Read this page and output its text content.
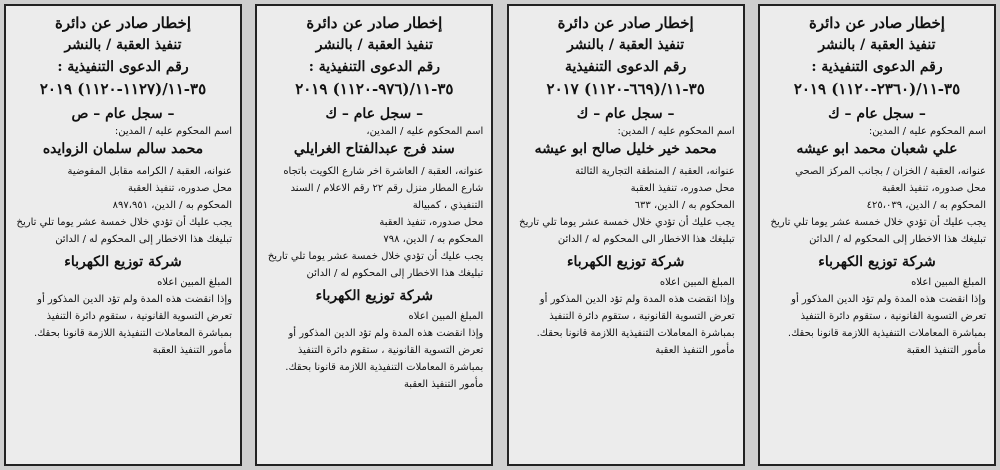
إخطار صادر عن دائرة

تنفيذ العقبة / بالنشر

رقم الدعوى التنفيذية :

٣٥-١١/(٢٣٦٠-١١٢٠) ٢٠١٩

– سجل عام – ك

اسم المحكوم عليه / المدين:

علي شعبان محمد ابو عيشه

عنوانه، العقبة / الخزان / بجانب المركز الصحي

محل صدوره، تنفيذ العقبة

المحكوم به / الدين، ٤٢٥،٠٣٩

يجب عليك أن تؤدي خلال خمسة عشر يوما تلي تاريخ تبليغك هذا الاخطار إلى المحكوم له / الدائن

شركة توزيع الكهرباء

المبلغ المبين اعلاه

وإذا انقضت هذه المدة ولم تؤد الدين المذكور أو تعرض التسوية القانونية ، ستقوم دائرة التنفيذ بمباشرة المعاملات التنفيذية اللازمة قانونا بحقك.

مأمور التنفيذ العقبة

إخطار صادر عن دائرة

تنفيذ العقبة / بالنشر

رقم الدعوى التنفيذية

٣٥-١١/(٦٦٩-١١٢٠) ٢٠١٧

– سجل عام – ك

اسم المحكوم عليه / المدين:

محمد خير خليل صالح ابو عيشه

عنوانه، العقبة / المنطقة التجارية الثالثة

محل صدوره، تنفيذ العقبة

المحكوم به / الدين، ٦٣٣

يجب عليك أن تؤدي خلال خمسة عشر يوما تلي تاريخ تبليغك هذا الاخطار الى المحكوم له / الدائن

شركة توزيع الكهرباء

المبلغ المبين اعلاه

وإذا انقضت هذه المدة ولم تؤد الدين المذكور أو تعرض التسوية القانونية ، ستقوم دائرة التنفيذ بمباشرة المعاملات التنفيذية اللازمة قانونا بحقك.

مأمور التنفيذ العقبة

إخطار صادر عن دائرة

تنفيذ العقبة / بالنشر

رقم الدعوى التنفيذية :

٣٥-١١/(٩٧٦-١١٢٠) ٢٠١٩

– سجل عام – ك

اسم المحكوم عليه / المدين،

سند فرج عبدالفتاح الغرايلي

عنوانه، العقبة / العاشرة اخر شارع الكويت باتجاه شارع المطار منزل رقم ٢٢ رقم الاعلام / السند التنفيذي ، كمبيالة

محل صدوره، تنفيذ العقبة

المحكوم به / الدين، ٧٩٨

يجب عليك أن تؤدي خلال خمسة عشر يوما تلي تاريخ تبليغك هذا الاخطار إلى المحكوم له / الدائن

شركة توزيع الكهرباء

المبلغ المبين اعلاه

وإذا انقضت هذه المدة ولم تؤد الدين المذكور أو تعرض التسوية القانونية ، ستقوم دائرة التنفيذ بمباشرة المعاملات التنفيذية اللازمة قانونا بحقك.

مأمور التنفيذ العقبة

إخطار صادر عن دائرة

تنفيذ العقبة / بالنشر

رقم الدعوى التنفيذية :

٣٥-١١/(١١٢٧-١١٢٠) ٢٠١٩

– سجل عام – ص

اسم المحكوم عليه / المدين:

محمد سالم سلمان الزوايده

عنوانه، العقبة / الكرامه مقابل المفوضية

محل صدوره، تنفيذ العقبة

المحكوم به / الدين، ٨٩٧،٩٥١

يجب عليك أن تؤدي خلال خمسة عشر يوما تلي تاريخ تبليغك هذا الاخطار إلى المحكوم له / الدائن

شركة توزيع الكهرباء

المبلغ المبين اعلاه

وإذا انقضت هذه المدة ولم تؤد الدين المذكور أو تعرض التسوية القانونية ، ستقوم دائرة التنفيذ بمباشرة المعاملات التنفيذية اللازمة قانونا بحقك.

مأمور التنفيذ العقبة
